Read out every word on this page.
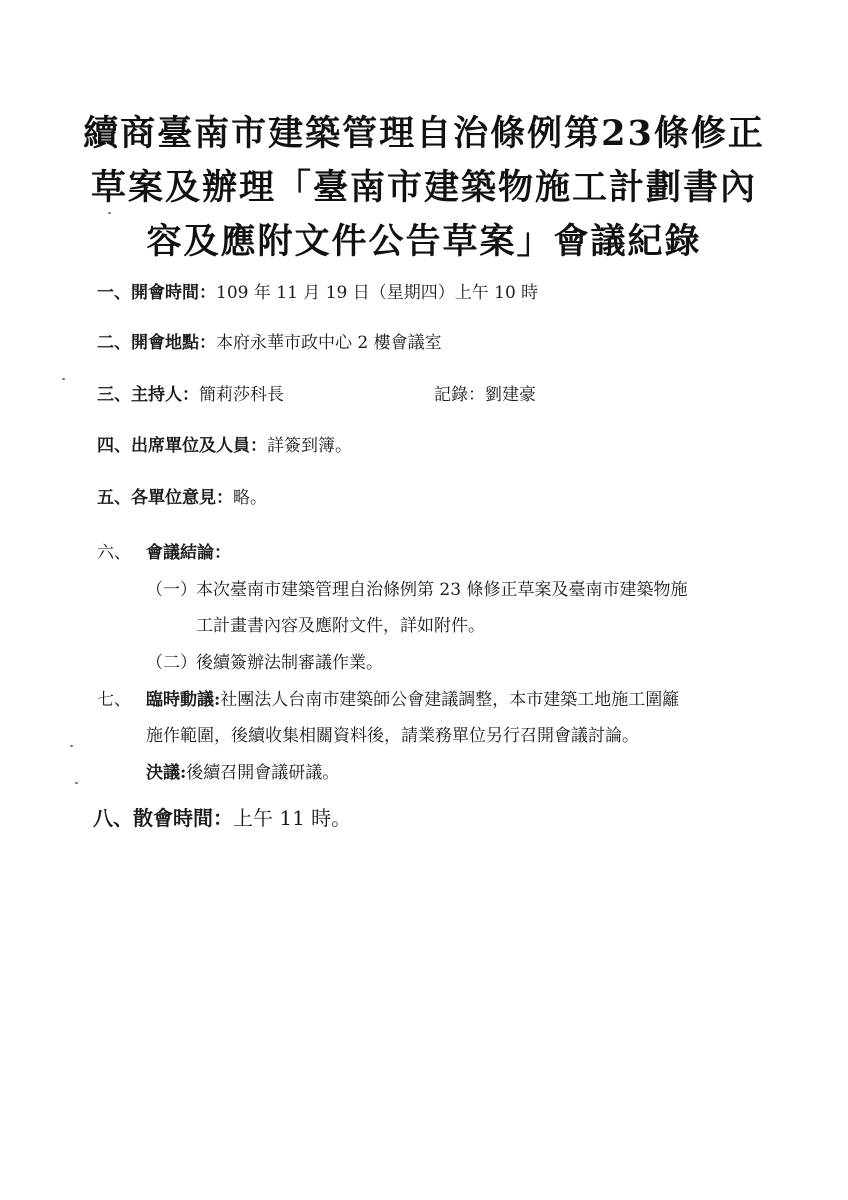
續商臺南市建築管理自治條例第23條修正
草案及辦理「臺南市建築物施工計劃書內
容及應附文件公告草案」會議紀錄
一、開會時間：109 年 11 月 19 日（星期四）上午 10 時
二、開會地點：本府永華市政中心 2 樓會議室
三、主持人：簡莉莎科長	記錄：劉建豪
四、出席單位及人員：詳簽到簿。
五、各單位意見：略。
六、 會議結論：
（一） 本次臺南市建築管理自治條例第 23 條修正草案及臺南市建築物施
工計畫書內容及應附文件，詳如附件。
（二） 後續簽辦法制審議作業。
七、 臨時動議:社團法人台南市建築師公會建議調整，本市建築工地施工圍籬
施作範圍，後續收集相關資料後，請業務單位另行召開會議討論。
決議:後續召開會議研議。
八、散會時間：上午 11 時。
